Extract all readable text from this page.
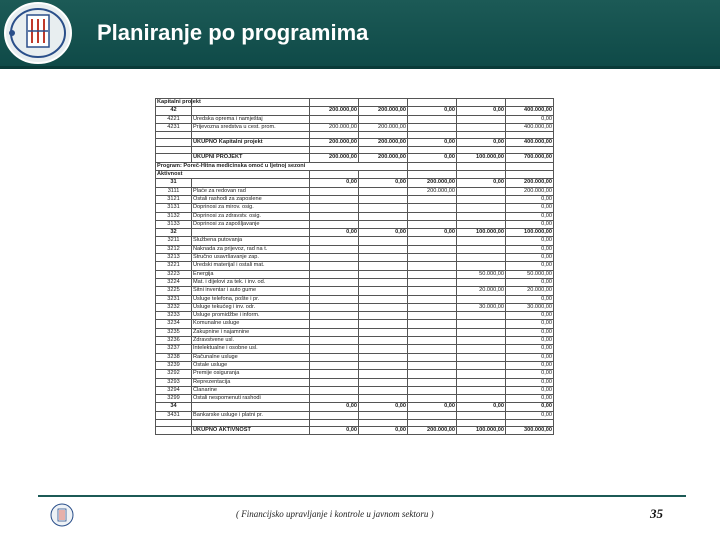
Planiranje po programima
Kapitalni projekt						
42		200.000,00	200.000,00	0,00	0,00	400.000,00
4221	Uredska oprema i namještaj					0,00
4231	Prijevozna sredstva u cest. prom.	200.000,00	200.000,00			400.000,00

	UKUPNO Kapitalni projekt	200.000,00	200.000,00	0,00	0,00	400.000,00

	UKUPNI PROJEKT	200.000,00	200.000,00	0,00	100.000,00	700.000,00
Program: Poreč-Hitna medicinska omoć u ljetnoj sezoni						
Aktivnost						
31		0,00	0,00	200.000,00	0,00	200.000,00
3111	Plaće za redovan rad			200.000,00		200.000,00
3121	Ostali rashodi za zaposlene					0,00
3131	Doprinosi za mirov. osig.					0,00
3132	Doprinosi za zdravstv. osig.					0,00
3133	Doprinosi za zapošljavanje					0,00
32		0,00	0,00	0,00	100.000,00	100.000,00
3211	Službena putovanja					0,00
3212	Naknada za prijevoz, rad na t.					0,00
3213	Stručno usavršavanje zap.					0,00
3221	Uredski materijal i ostali mat.					0,00
3223	Energija				50.000,00	50.000,00
3224	Mat. i dijelovi za tek. i inv. od.					0,00
3225	Sitni inventar i auto gume				20.000,00	20.000,00
3231	Usluge telefona, pošte i pr.					0,00
3232	Usluge tekućeg i inv. odr.				30.000,00	30.000,00
3233	Usluge promidžbe i inform.					0,00
3234	Komunalne usluge					0,00
3235	Zakupnine i najamnine					0,00
3236	Zdravstvene usl.					0,00
3237	Intelektualne i osobne usl.					0,00
3238	Računalne usluge					0,00
3239	Ostale usluge					0,00
3292	Premije osiguranja					0,00
3293	Reprezentacija					0,00
3294	Članarine					0,00
3299	Ostali nespomenuti rashodi					0,00
34		0,00	0,00	0,00	0,00	0,00
3431	Bankarske usluge i platni pr.					0,00

	UKUPNO AKTIVNOST	0,00	0,00	200.000,00	100.000,00	300.000,00
( Financijsko upravljanje i kontrole u javnom sektoru )	35
